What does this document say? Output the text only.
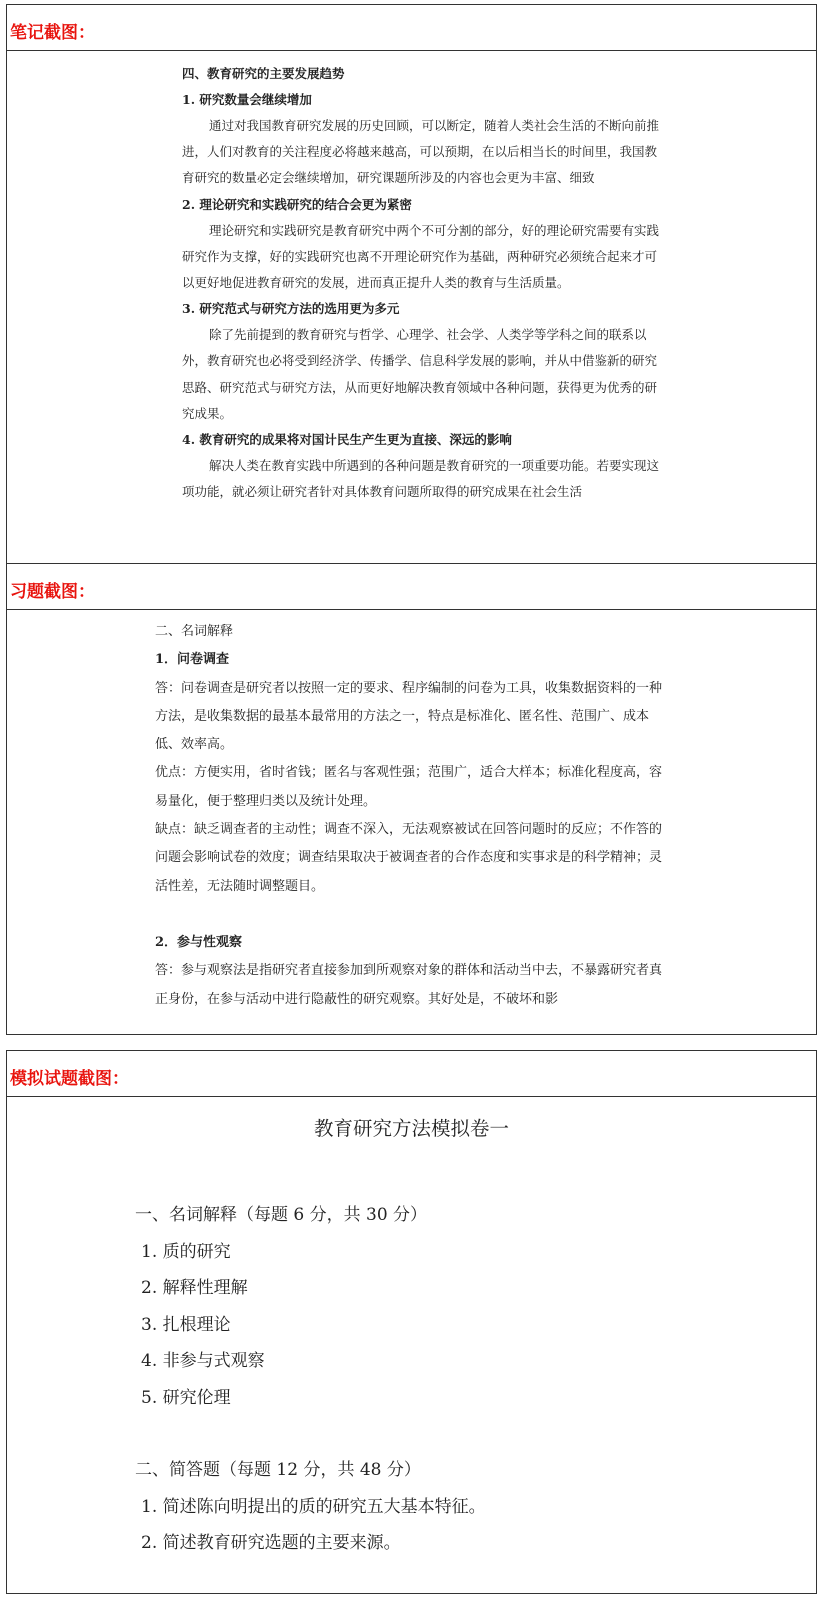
笔记截图：
四、教育研究的主要发展趋势
1. 研究数量会继续增加

通过对我国教育研究发展的历史回顾，可以断定，随着人类社会生活的不断向前推进，人们对教育的关注程度必将越来越高，可以预期，在以后相当长的时间里，我国教育研究的数量必定会继续增加，研究课题所涉及的内容也会更为丰富、细致

2. 理论研究和实践研究的结合会更为紧密

理论研究和实践研究是教育研究中两个不可分割的部分，好的理论研究需要有实践研究作为支撑，好的实践研究也离不开理论研究作为基础，两种研究必须统合起来才可以更好地促进教育研究的发展，进而真正提升人类的教育与生活质量。

3. 研究范式与研究方法的选用更为多元

除了先前提到的教育研究与哲学、心理学、社会学、人类学等学科之间的联系以外，教育研究也必将受到经济学、传播学、信息科学发展的影响，并从中借鉴新的研究思路、研究范式与研究方法，从而更好地解决教育领域中各种问题，获得更为优秀的研究成果。

4. 教育研究的成果将对国计民生产生更为直接、深远的影响

解决人类在教育实践中所遇到的各种问题是教育研究的一项重要功能。若要实现这项功能，就必须让研究者针对具体教育问题所取得的研究成果在社会生活

习题截图：
二、名词解释
1．问卷调查

答：问卷调查是研究者以按照一定的要求、程序编制的问卷为工具，收集数据资料的一种方法，是收集数据的最基本最常用的方法之一，特点是标准化、匿名性、范围广、成本低、效率高。

优点：方便实用，省时省钱；匿名与客观性强；范围广，适合大样本；标准化程度高，容易量化，便于整理归类以及统计处理。

缺点：缺乏调查者的主动性；调查不深入，无法观察被试在回答问题时的反应；不作答的问题会影响试卷的效度；调查结果取决于被调查者的合作态度和实事求是的科学精神；灵活性差，无法随时调整题目。

2．参与性观察

答：参与观察法是指研究者直接参加到所观察对象的群体和活动当中去，不暴露研究者真正身份，在参与活动中进行隐蔽性的研究观察。其好处是，不破坏和影

模拟试题截图：
教育研究方法模拟卷一
一、名词解释（每题 6 分，共 30 分）
1. 质的研究
2. 解释性理解
3. 扎根理论
4. 非参与式观察
5. 研究伦理
二、简答题（每题 12 分，共 48 分）
1. 简述陈向明提出的质的研究五大基本特征。
2. 简述教育研究选题的主要来源。
